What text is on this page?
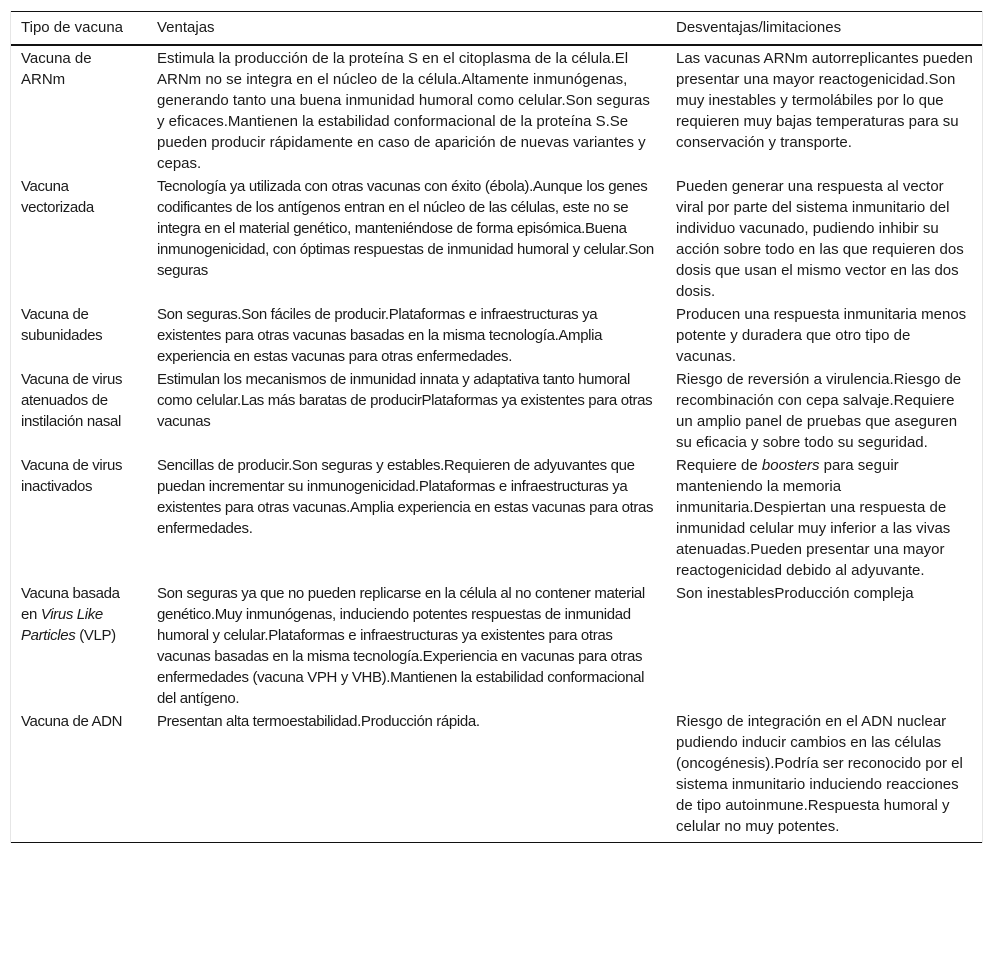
Tipo de vacuna	Ventajas	Desventajas/limitaciones
Vacuna de ARNm	Estimula la producción de la proteína S en el citoplasma de la célula.El ARNm no se integra en el núcleo de la célula.Altamente inmunógenas, generando tanto una buena inmunidad humoral como celular.Son seguras y eficaces.Mantienen la estabilidad conformacional de la proteína S.Se pueden producir rápidamente en caso de aparición de nuevas variantes y cepas.	Las vacunas ARNm autorreplicantes pueden presentar una mayor reactogenicidad.Son muy inestables y termolábiles por lo que requieren muy bajas temperaturas para su conservación y transporte.
Vacuna vectorizada	Tecnología ya utilizada con otras vacunas con éxito (ébola).Aunque los genes codificantes de los antígenos entran en el núcleo de las células, este no se integra en el material genético, manteniéndose de forma episómica.Buena inmunogenicidad, con óptimas respuestas de inmunidad humoral y celular.Son seguras	Pueden generar una respuesta al vector viral por parte del sistema inmunitario del individuo vacunado, pudiendo inhibir su acción sobre todo en las que requieren dos dosis que usan el mismo vector en las dos dosis.
Vacuna de subunidades	Son seguras.Son fáciles de producir.Plataformas e infraestructuras ya existentes para otras vacunas basadas en la misma tecnología.Amplia experiencia en estas vacunas para otras enfermedades.	Producen una respuesta inmunitaria menos potente y duradera que otro tipo de vacunas.
Vacuna de virus atenuados de instilación nasal	Estimulan los mecanismos de inmunidad innata y adaptativa tanto humoral como celular.Las más baratas de producirPlataformas ya existentes para otras vacunas	Riesgo de reversión a virulencia.Riesgo de recombinación con cepa salvaje.Requiere un amplio panel de pruebas que aseguren su eficacia y sobre todo su seguridad.
Vacuna de virus inactivados	Sencillas de producir.Son seguras y estables.Requieren de adyuvantes que puedan incrementar su inmunogenicidad.Plataformas e infraestructuras ya existentes para otras vacunas.Amplia experiencia en estas vacunas para otras enfermedades.	Requiere de boosters para seguir manteniendo la memoria inmunitaria.Despiertan una respuesta de inmunidad celular muy inferior a las vivas atenuadas.Pueden presentar una mayor reactogenicidad debido al adyuvante.
Vacuna basada en Virus Like Particles (VLP)	Son seguras ya que no pueden replicarse en la célula al no contener material genético.Muy inmunógenas, induciendo potentes respuestas de inmunidad humoral y celular.Plataformas e infraestructuras ya existentes para otras vacunas basadas en la misma tecnología.Experiencia en vacunas para otras enfermedades (vacuna VPH y VHB).Mantienen la estabilidad conformacional del antígeno.	Son inestablesProducción compleja
Vacuna de ADN	Presentan alta termoestabilidad.Producción rápida.	Riesgo de integración en el ADN nuclear pudiendo inducir cambios en las células (oncogénesis).Podría ser reconocido por el sistema inmunitario induciendo reacciones de tipo autoinmune.Respuesta humoral y celular no muy potentes.
